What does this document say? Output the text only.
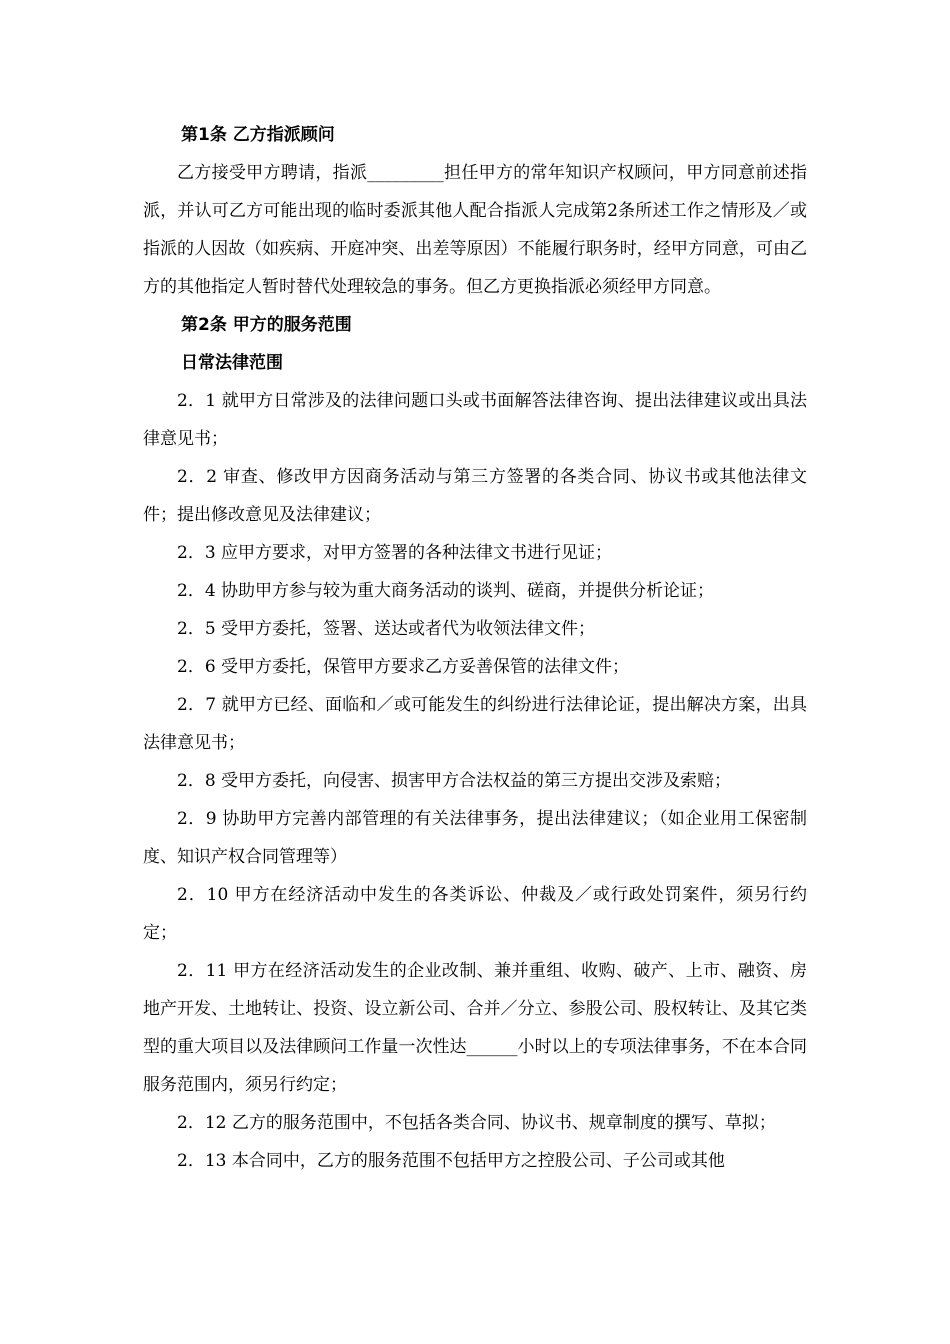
第1条 乙方指派顾问

乙方接受甲方聘请，指派_________担任甲方的常年知识产权顾问，甲方同意前述指派，并认可乙方可能出现的临时委派其他人配合指派人完成第2条所述工作之情形及／或指派的人因故（如疾病、开庭冲突、出差等原因）不能履行职务时，经甲方同意，可由乙方的其他指定人暂时替代处理较急的事务。但乙方更换指派必须经甲方同意。

第2条 甲方的服务范围

日常法律范围

2．1 就甲方日常涉及的法律问题口头或书面解答法律咨询、提出法律建议或出具法律意见书；

2．2 审查、修改甲方因商务活动与第三方签署的各类合同、协议书或其他法律文件；提出修改意见及法律建议；

2．3 应甲方要求，对甲方签署的各种法律文书进行见证；

2．4 协助甲方参与较为重大商务活动的谈判、磋商，并提供分析论证；

2．5 受甲方委托，签署、送达或者代为收领法律文件；

2．6 受甲方委托，保管甲方要求乙方妥善保管的法律文件；

2．7 就甲方已经、面临和／或可能发生的纠纷进行法律论证，提出解决方案，出具法律意见书；

2．8 受甲方委托，向侵害、损害甲方合法权益的第三方提出交涉及索赔；

2．9 协助甲方完善内部管理的有关法律事务，提出法律建议；（如企业用工保密制度、知识产权合同管理等）

2．10 甲方在经济活动中发生的各类诉讼、仲裁及／或行政处罚案件，须另行约定；

2．11 甲方在经济活动发生的企业改制、兼并重组、收购、破产、上市、融资、房地产开发、土地转让、投资、设立新公司、合并／分立、参股公司、股权转让、及其它类型的重大项目以及法律顾问工作量一次性达______小时以上的专项法律事务，不在本合同服务范围内，须另行约定；

2．12 乙方的服务范围中，不包括各类合同、协议书、规章制度的撰写、草拟；

2．13 本合同中，乙方的服务范围不包括甲方之控股公司、子公司或其他
